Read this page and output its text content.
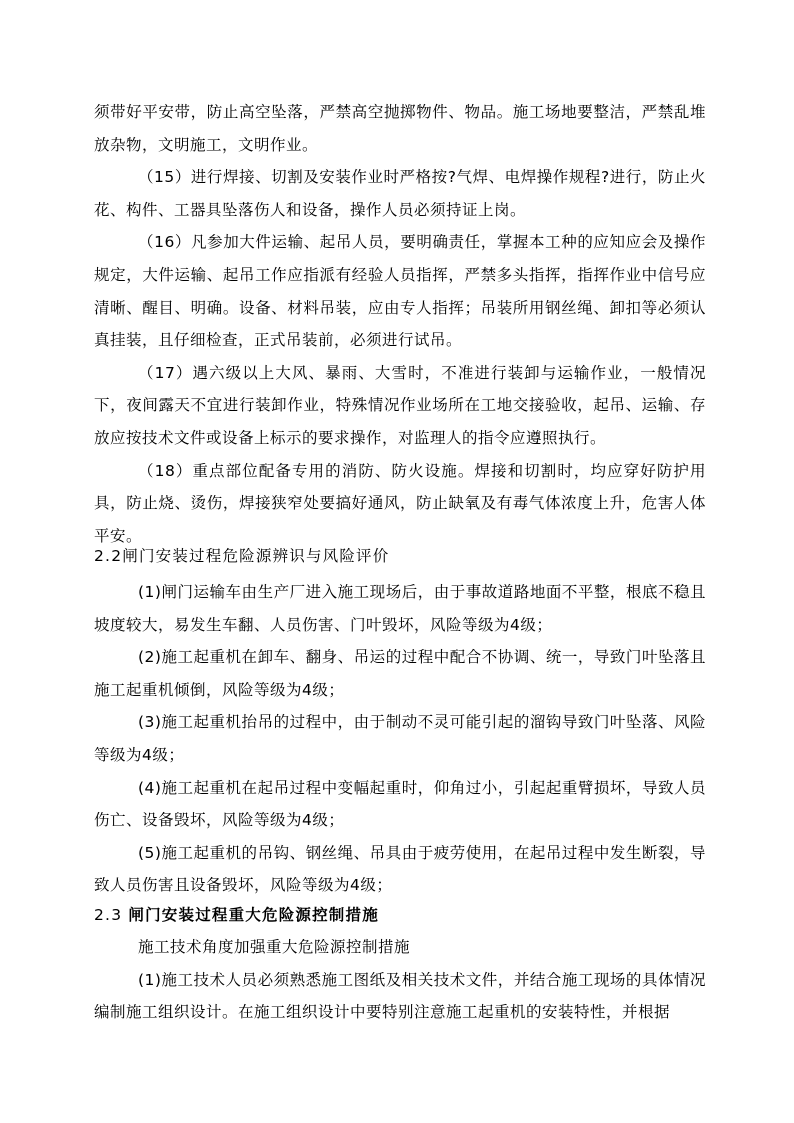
须带好平安带，防止高空坠落，严禁高空抛掷物件、物品。施工场地要整洁，严禁乱堆放杂物，文明施工，文明作业。

（15）进行焊接、切割及安装作业时严格按?气焊、电焊操作规程?进行，防止火花、构件、工器具坠落伤人和设备，操作人员必须持证上岗。

（16）凡参加大件运输、起吊人员，要明确责任，掌握本工种的应知应会及操作规定，大件运输、起吊工作应指派有经验人员指挥，严禁多头指挥，指挥作业中信号应清晰、醒目、明确。设备、材料吊装，应由专人指挥；吊装所用钢丝绳、卸扣等必须认真挂装，且仔细检查，正式吊装前，必须进行试吊。

（17）遇六级以上大风、暴雨、大雪时，不准进行装卸与运输作业，一般情况下，夜间露天不宜进行装卸作业，特殊情况作业场所在工地交接验收，起吊、运输、存放应按技术文件或设备上标示的要求操作，对监理人的指令应遵照执行。

（18）重点部位配备专用的消防、防火设施。焊接和切割时，均应穿好防护用具，防止烧、烫伤，焊接狭窄处要搞好通风，防止缺氧及有毒气体浓度上升，危害人体平安。

2.2闸门安装过程危险源辨识与风险评价

(1)闸门运输车由生产厂进入施工现场后，由于事故道路地面不平整，根底不稳且坡度较大，易发生车翻、人员伤害、门叶毁坏，风险等级为4级；

(2)施工起重机在卸车、翻身、吊运的过程中配合不协调、统一，导致门叶坠落且施工起重机倾倒，风险等级为4级；

(3)施工起重机抬吊的过程中，由于制动不灵可能引起的溜钩导致门叶坠落、风险等级为4级；

(4)施工起重机在起吊过程中变幅起重时，仰角过小，引起起重臂损坏，导致人员伤亡、设备毁坏，风险等级为4级；

(5)施工起重机的吊钩、钢丝绳、吊具由于疲劳使用，在起吊过程中发生断裂，导致人员伤害且设备毁坏，风险等级为4级；

2.3 闸门安装过程重大危险源控制措施

施工技术角度加强重大危险源控制措施

(1)施工技术人员必须熟悉施工图纸及相关技术文件，并结合施工现场的具体情况编制施工组织设计。在施工组织设计中要特别注意施工起重机的安装特性，并根据
